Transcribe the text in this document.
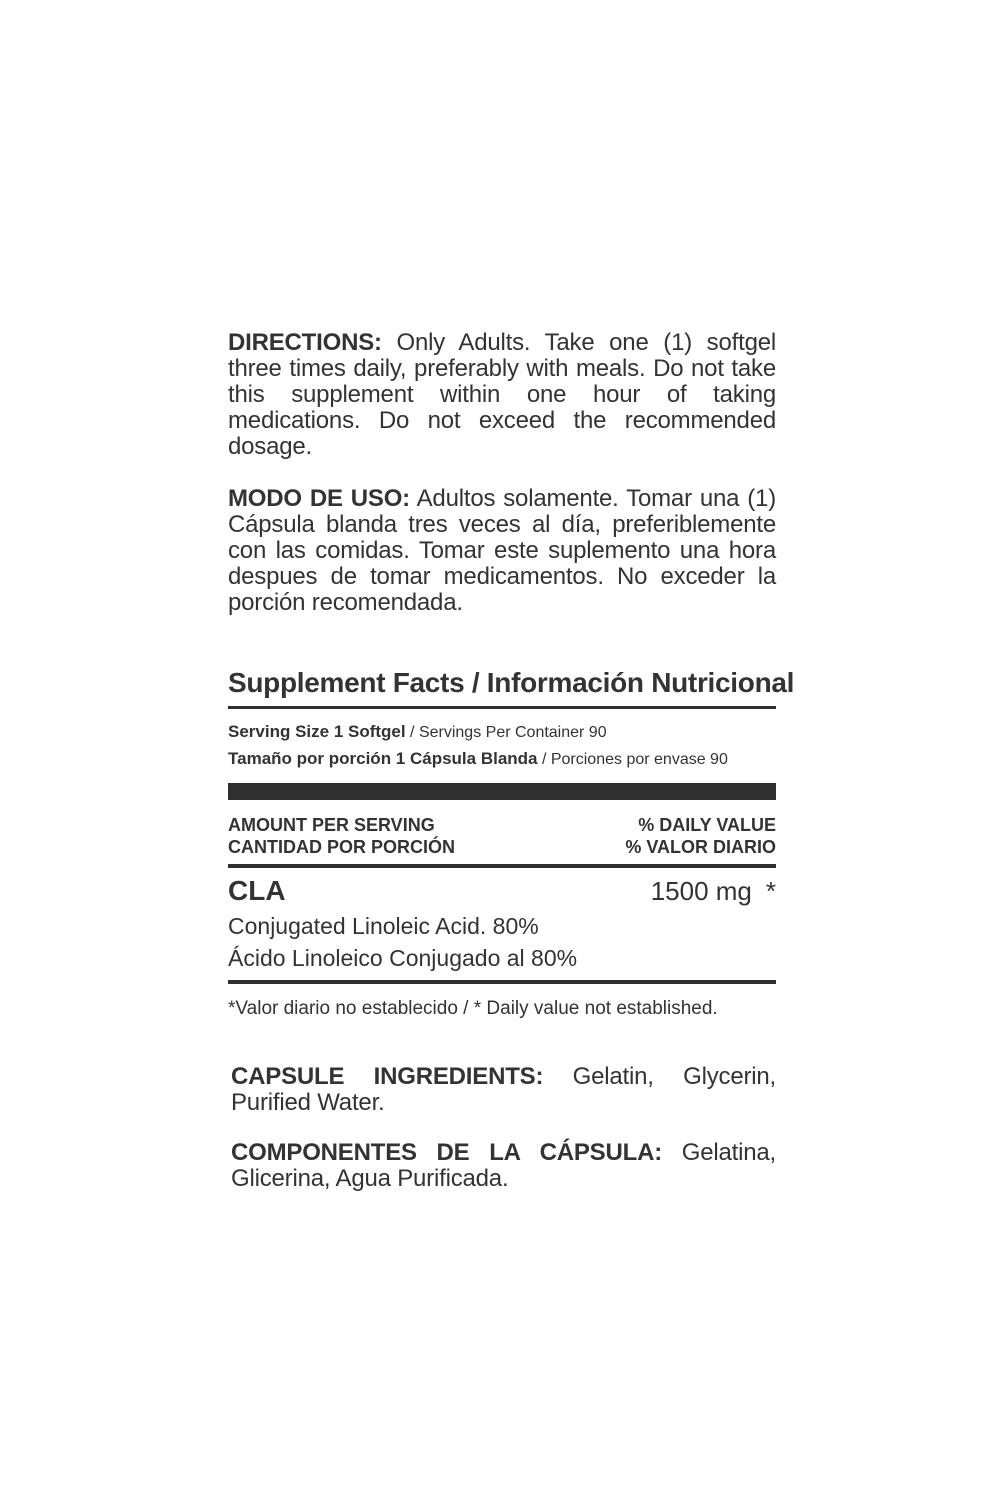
DIRECTIONS: Only Adults. Take one (1) softgel three times daily, preferably with meals. Do not take this supplement within one hour of taking medications. Do not exceed the recommended dosage.

MODO DE USO: Adultos solamente. Tomar una (1) Cápsula blanda tres veces al día, preferiblemente con las comidas. Tomar este suplemento una hora despues de tomar medicamentos. No exceder la porción recomendada.

Supplement Facts / Información Nutricional
Serving Size 1 Softgel / Servings Per Container 90
Tamaño por porción 1 Cápsula Blanda / Porciones por envase 90
AMOUNT PER SERVING
CANTIDAD POR PORCIÓN
% DAILY VALUE
% VALOR DIARIO
CLA	1500 mg *
Conjugated Linoleic Acid. 80%
Ácido Linoleico Conjugado al 80%
*Valor diario no establecido / * Daily value not established.

CAPSULE INGREDIENTS: Gelatin, Glycerin, Purified Water.

COMPONENTES DE LA CÁPSULA: Gelatina, Glicerina, Agua Purificada.
